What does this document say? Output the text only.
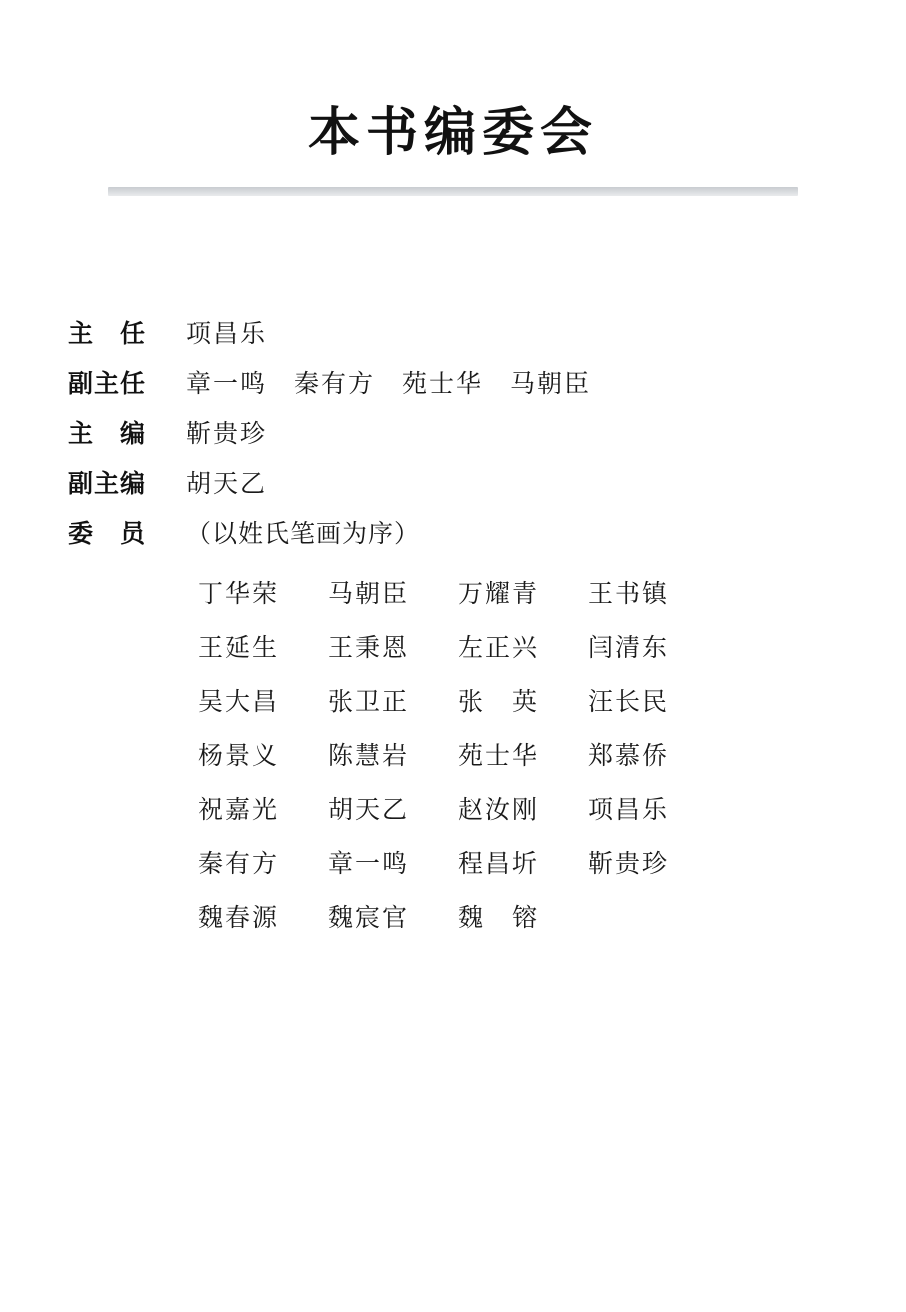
本书编委会
主　任	项昌乐
副主任	章一鸣　秦有方　苑士华　马朝臣
主　编	靳贵珍
副主编	胡天乙
委　员	（以姓氏笔画为序）
丁华荣	马朝臣	万耀青	王书镇
王延生	王秉恩	左正兴	闫清东
吴大昌	张卫正	张　英	汪长民
杨景义	陈慧岩	苑士华	郑慕侨
祝嘉光	胡天乙	赵汝刚	项昌乐
秦有方	章一鸣	程昌圻	靳贵珍
魏春源	魏宸官	魏　镕
